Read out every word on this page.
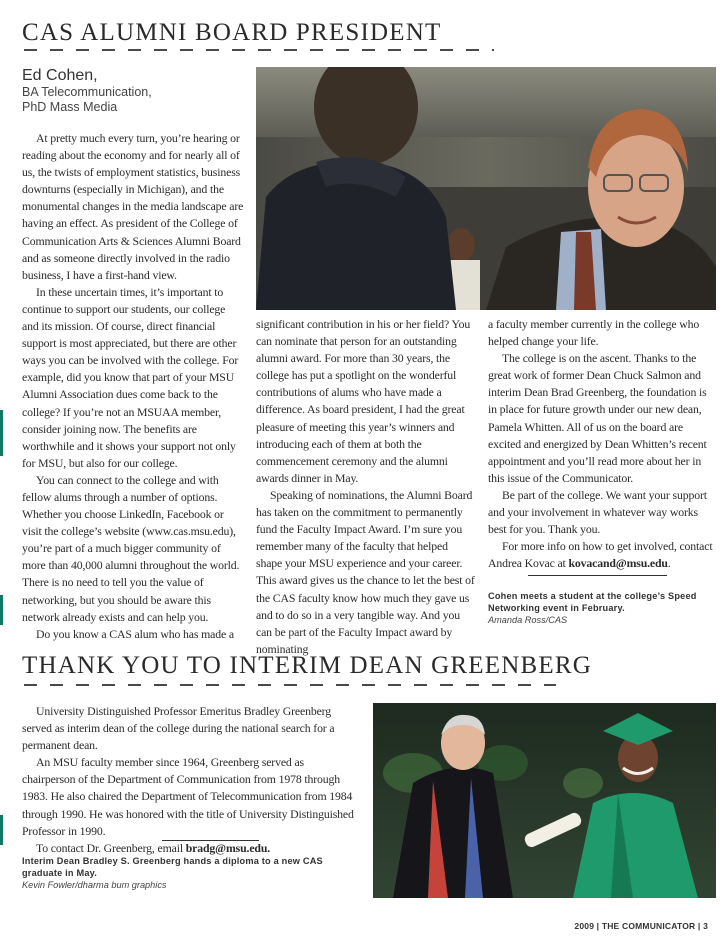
CAS ALUMNI BOARD PRESIDENT
Ed Cohen,
BA Telecommunication,
PhD Mass Media

At pretty much every turn, you’re hearing or reading about the economy and for nearly all of us, the twists of employment statistics, business downturns (especially in Michigan), and the monumental changes in the media landscape are having an effect. As president of the College of Communication Arts & Sciences Alumni Board and as someone directly involved in the radio business, I have a first-hand view.

In these uncertain times, it’s important to continue to support our students, our college and its mission. Of course, direct financial support is most appreciated, but there are other ways you can be involved with the college. For example, did you know that part of your MSU Alumni Association dues come back to the college? If you’re not an MSUAA member, consider joining now. The benefits are worthwhile and it shows your support not only for MSU, but also for our college.

You can connect to the college and with fellow alums through a number of options. Whether you choose LinkedIn, Facebook or visit the college’s website (www.cas.msu.edu), you’re part of a much bigger community of more than 40,000 alumni throughout the world. There is no need to tell you the value of networking, but you should be aware this network already exists and can help you.

Do you know a CAS alum who has made a

significant contribution in his or her field? You can nominate that person for an outstanding alumni award. For more than 30 years, the college has put a spotlight on the wonderful contributions of alums who have made a difference. As board president, I had the great pleasure of meeting this year’s winners and introducing each of them at both the commencement ceremony and the alumni awards dinner in May.

Speaking of nominations, the Alumni Board has taken on the commitment to permanently fund the Faculty Impact Award. I’m sure you remember many of the faculty that helped shape your MSU experience and your career. This award gives us the chance to let the best of the CAS faculty know how much they gave us and to do so in a very tangible way. And you can be part of the Faculty Impact award by nominating

a faculty member currently in the college who helped change your life.

The college is on the ascent. Thanks to the great work of former Dean Chuck Salmon and interim Dean Brad Greenberg, the foundation is in place for future growth under our new dean, Pamela Whitten. All of us on the board are excited and energized by Dean Whitten’s recent appointment and you’ll read more about her in this issue of the Communicator.

Be part of the college. We want your support and your involvement in whatever way works best for you. Thank you.

For more info on how to get involved, contact

Andrea Kovac at kovacand@msu.edu.

Cohen meets a student at the college’s Speed Networking event in February.
Amanda Ross/CAS
THANK YOU TO INTERIM DEAN GREENBERG

University Distinguished Professor Emeritus Bradley Greenberg served as interim dean of the college during the national search for a permanent dean.

An MSU faculty member since 1964, Greenberg served as chairperson of the Department of Communication from 1978 through 1983. He also chaired the Department of Telecommunication from 1984 through 1990. He was honored with the title of University Distinguished Professor in 1990.

To contact Dr. Greenberg, email bradg@msu.edu.

Interim Dean Bradley S. Greenberg hands a diploma to a new CAS graduate in May.
Kevin Fowler/dharma bum graphics
2009 | THE COMMUNICATOR | 3
